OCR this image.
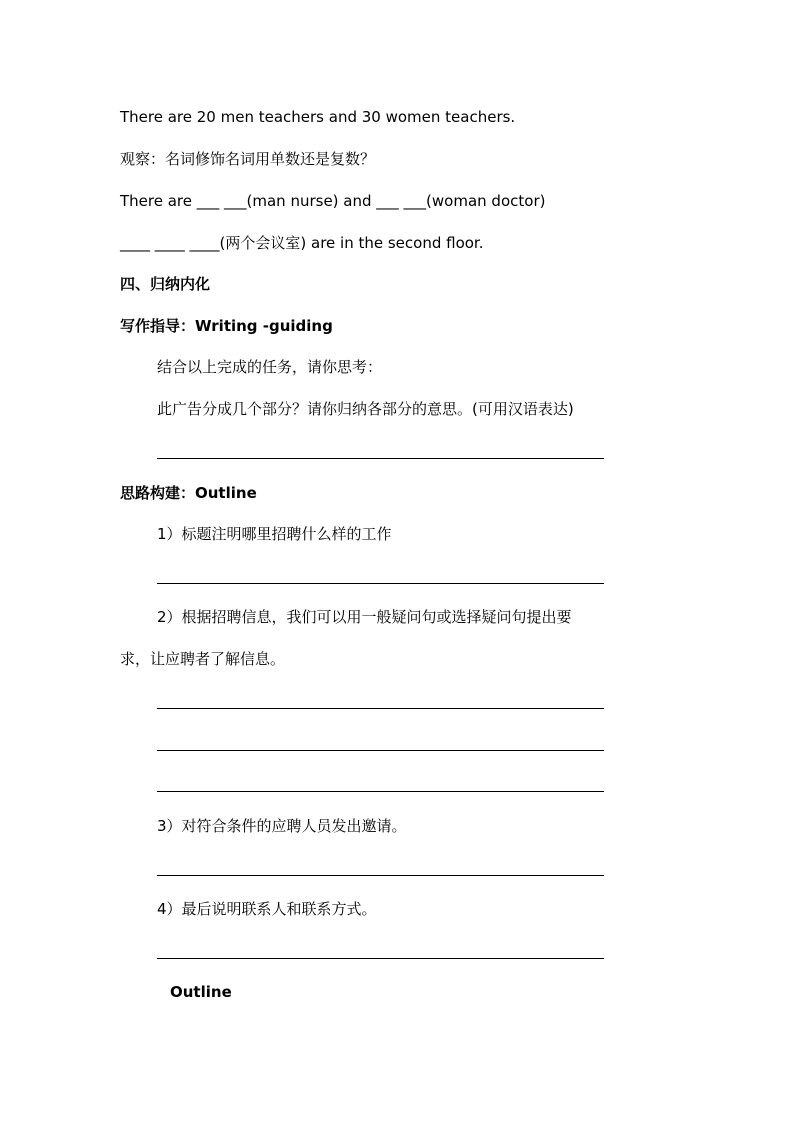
There are 20 men teachers and 30 women teachers.
观察：名词修饰名词用单数还是复数？
There are ___ ___(man nurse) and ___ ___(woman doctor)
____ ____ ____(两个会议室) are in the second floor.
四、归纳内化
写作指导：Writing -guiding
结合以上完成的任务，请你思考：
此广告分成几个部分？请你归纳各部分的意思。(可用汉语表达)
思路构建：Outline
1）标题注明哪里招聘什么样的工作
2）根据招聘信息，我们可以用一般疑问句或选择疑问句提出要
求，让应聘者了解信息。
3）对符合条件的应聘人员发出邀请。
4）最后说明联系人和联系方式。
Outline
